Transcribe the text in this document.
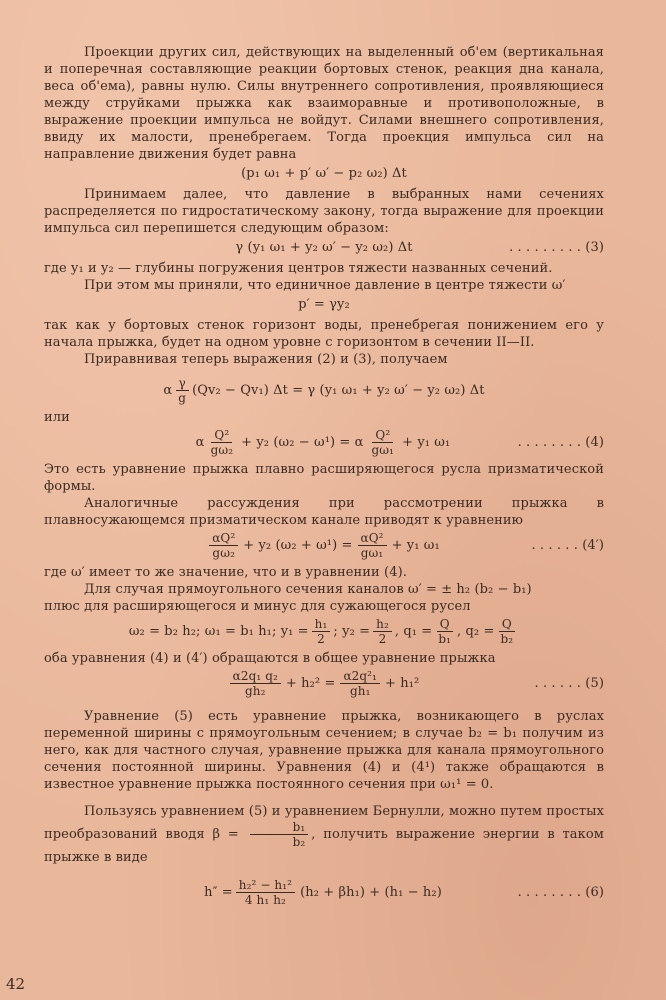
Проекции других сил, действующих на выделенный об'ем (вертикальная и поперечная составляющие реакции бортовых стенок, реакция дна канала, веса об'ема), равны нулю. Силы внутреннего сопротивления, проявляющиеся между струйками прыжка как взаиморавные и противоположные, в выражение проекции импульса не войдут. Силами внешнего сопротивления, ввиду их малости, пренебрегаем. Тогда проекция импульса сил на направление движения будет равна

(p₁ ω₁ + p′ ω′ − p₂ ω₂) Δt

Принимаем далее, что давление в выбранных нами сечениях распределяется по гидростатическому закону, тогда выражение для проекции импульса сил перепишется следующим образом:

γ (y₁ ω₁ + y₂ ω′ − y₂ ω₂) Δt	. . . . . . . . . (3)

где y₁ и y₂ — глубины погружения центров тяжести названных сечений.

При этом мы приняли, что единичное давление в центре тяжести ω′

p′ = γy₂

так как у бортовых стенок горизонт воды, пренебрегая понижением его у начала прыжка, будет на одном уровне с горизонтом в сечении II—II.

Приравнивая теперь выражения (2) и (3), получаем

α $\frac{\gamma}{g} (Qv_2 - Qv_1) \Delta t = \gamma$ (y₁ ω₁ + y₂ ω′ − y₂ ω₂) Δt

или

α $\frac{\text{Q²}}{\text{gω₂}} + y_2$ (ω₂ − ω¹) = α $\frac{\text{Q²}}{\text{gω₁}} + y_1$ ω₁	. . . . . . . . (4)

Это есть уравнение прыжка плавно расширяющегося русла призматической формы.

Аналогичные рассуждения при рассмотрении прыжка в плавносужающемся призматическом канале приводят к уравнению

$\frac{\text{αQ²}}{\text{gω₂}} + y_2$ $(\omega_2 + \omega^1) = \frac{\text{αQ²}}{\text{gω₁}} + y_1$ ω₁	. . . . . . (4′)

где ω′ имеет то же значение, что и в уравнении (4).

Для случая прямоугольного сечения каналов ω′ = ± h₂ (b₂ − b₁)

плюс для расширяющегося и минус для сужающегося русел

ω₂ = b₂ h₂; ω₁ = b₁ h₁; $y_1 = \frac{\text{h₁}}{2}$ ; $y_2 = \frac{\text{h₂}}{2}$ , $q_1 = \frac{Q}{\text{b₁}}$ , $q_2 = \frac{Q}{\text{b₂}}$

оба уравнения (4) и (4′) обращаются в общее уравнение прыжка

$\frac{\text{α2q₁ q₂}}{\text{gh₂}} + h_2^2 = \frac{\text{α2q²₁}}{\text{gh₁}} + h_1^2$	. . . . . . (5)

Уравнение (5) есть уравнение прыжка, возникающего в руслах переменной ширины с прямоугольным сечением; в случае b₂ = b₁ получим из него, как для частного случая, уравнение прыжка для канала прямоугольного сечения постоянной ширины. Уравнения (4) и (4¹) также обращаются в известное уравнение прыжка постоянного сечения при ω₁¹ = 0.

Пользуясь уравнением (5) и уравнением Бернулли, можно путем простых преобразований вводя $\beta = \frac{\text{b₁}}{\text{b₂}}$ , получить выражение энергии в таком прыжке в виде

$h'' = \frac{\text{h₂² − h₁²}}{\text{4 h₁ h₂}} (h_2 + \beta h_1) + (h_1 - h_2)$	. . . . . . . . (6)
42
